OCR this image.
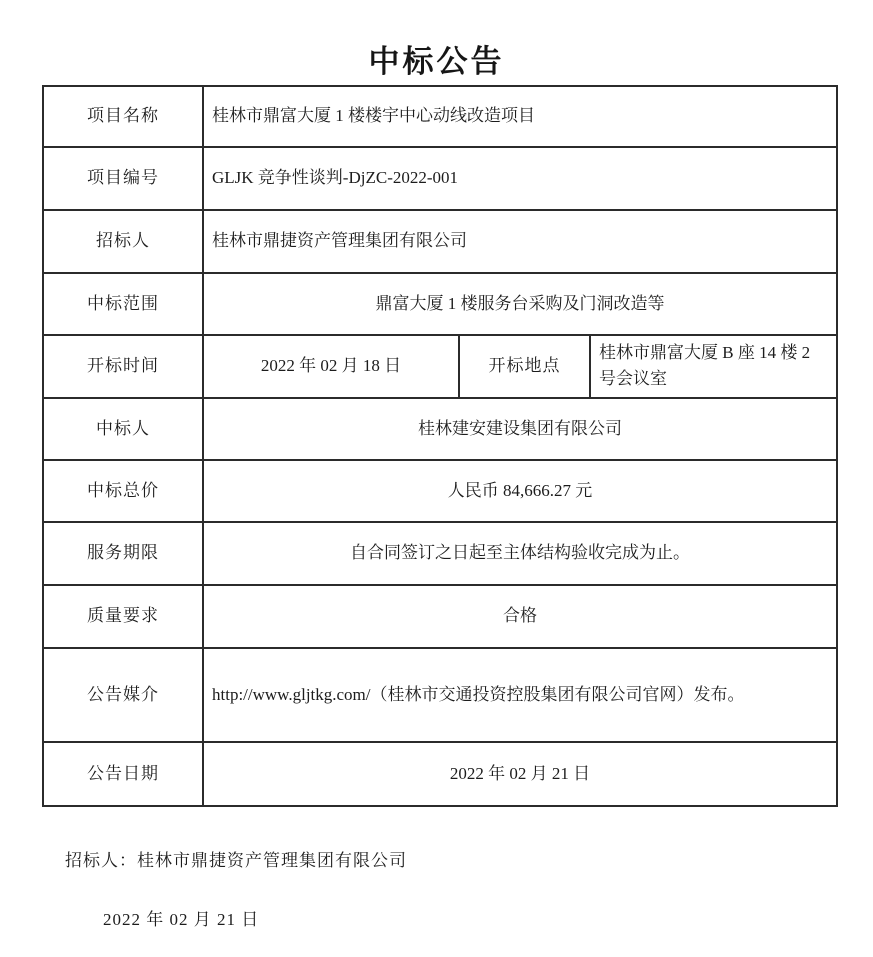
中标公告
项目名称	桂林市鼎富大厦 1 楼楼宇中心动线改造项目		
项目编号	GLJK 竞争性谈判-DjZC-2022-001		
招标人	桂林市鼎捷资产管理集团有限公司		
中标范围	鼎富大厦 1 楼服务台采购及门洞改造等		
开标时间	2022 年 02 月 18 日	开标地点	桂林市鼎富大厦 B 座 14 楼 2 号会议室
中标人	桂林建安建设集团有限公司		
中标总价	人民币 84,666.27 元		
服务期限	自合同签订之日起至主体结构验收完成为止。		
质量要求	合格		
公告媒介	http://www.gljtkg.com/（桂林市交通投资控股集团有限公司官网）发布。		
公告日期	2022 年 02 月 21 日		
招标人：桂林市鼎捷资产管理集团有限公司
2022 年 02 月 21 日
